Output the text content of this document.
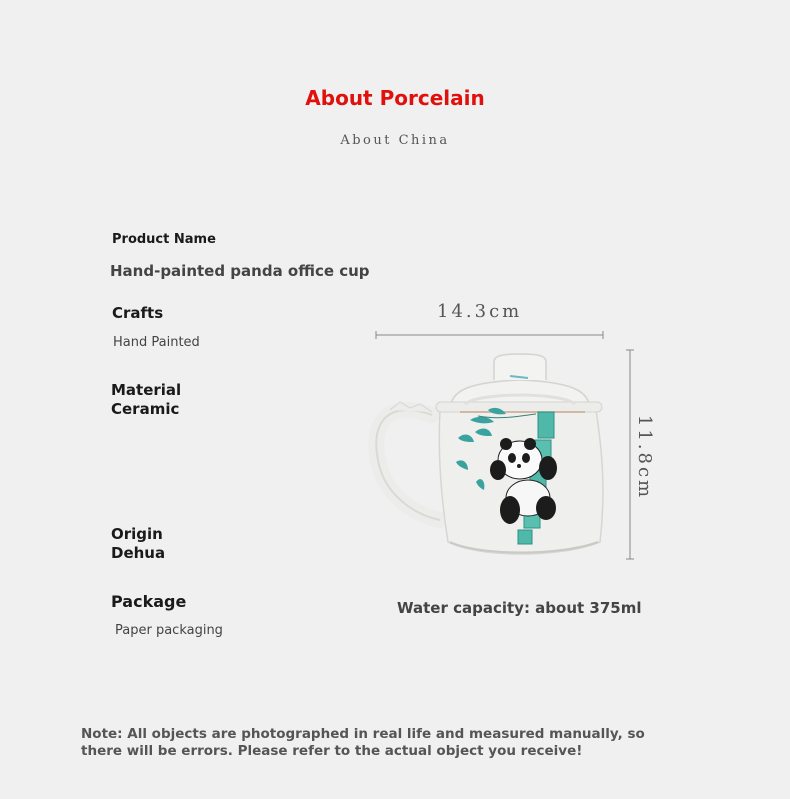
About Porcelain
About China
Product Name
Hand-painted panda office cup
Crafts
Hand Painted
Material
Ceramic
Origin
Dehua
Package
Paper packaging
14.3cm
11.8cm
Water capacity: about 375ml
Note: All objects are photographed in real life and measured manually, so there will be errors. Please refer to the actual object you receive!
